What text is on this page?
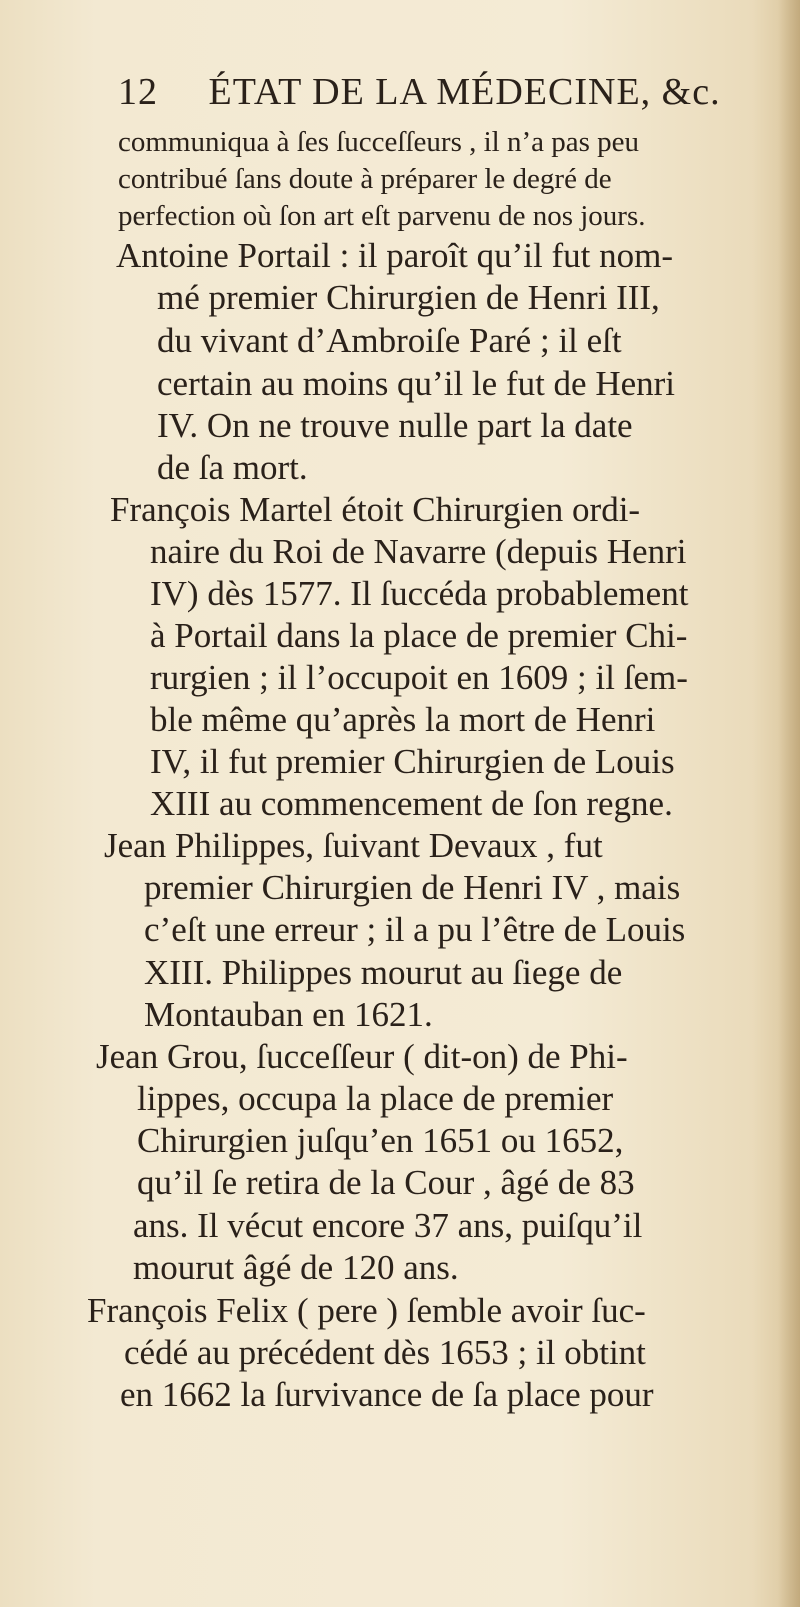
12 ÉTAT DE LA MÉDECINE, &c.
communiqua à ſes ſucceſſeurs , il n’a pas peu
contribué ſans doute à préparer le degré de
perfection où ſon art eſt parvenu de nos jours.
Antoine Portail : il paroît qu’il fut nom-
mé premier Chirurgien de Henri III,
du vivant d’Ambroiſe Paré ; il eſt
certain au moins qu’il le fut de Henri
IV. On ne trouve nulle part la date
de ſa mort.
François Martel étoit Chirurgien ordi-
naire du Roi de Navarre (depuis Henri
IV) dès 1577. Il ſuccéda probablement
à Portail dans la place de premier Chi-
rurgien ; il l’occupoit en 1609 ; il ſem-
ble même qu’après la mort de Henri
IV, il fut premier Chirurgien de Louis
XIII au commencement de ſon regne.
Jean Philippes, ſuivant Devaux , fut
premier Chirurgien de Henri IV , mais
c’eſt une erreur ; il a pu l’être de Louis
XIII. Philippes mourut au ſiege de
Montauban en 1621.
Jean Grou, ſucceſſeur ( dit-on) de Phi-
lippes, occupa la place de premier
Chirurgien juſqu’en 1651 ou 1652,
qu’il ſe retira de la Cour , âgé de 83
ans. Il vécut encore 37 ans, puiſqu’il
mourut âgé de 120 ans.
François Felix ( pere ) ſemble avoir ſuc-
cédé au précédent dès 1653 ; il obtint
en 1662 la ſurvivance de ſa place pour
